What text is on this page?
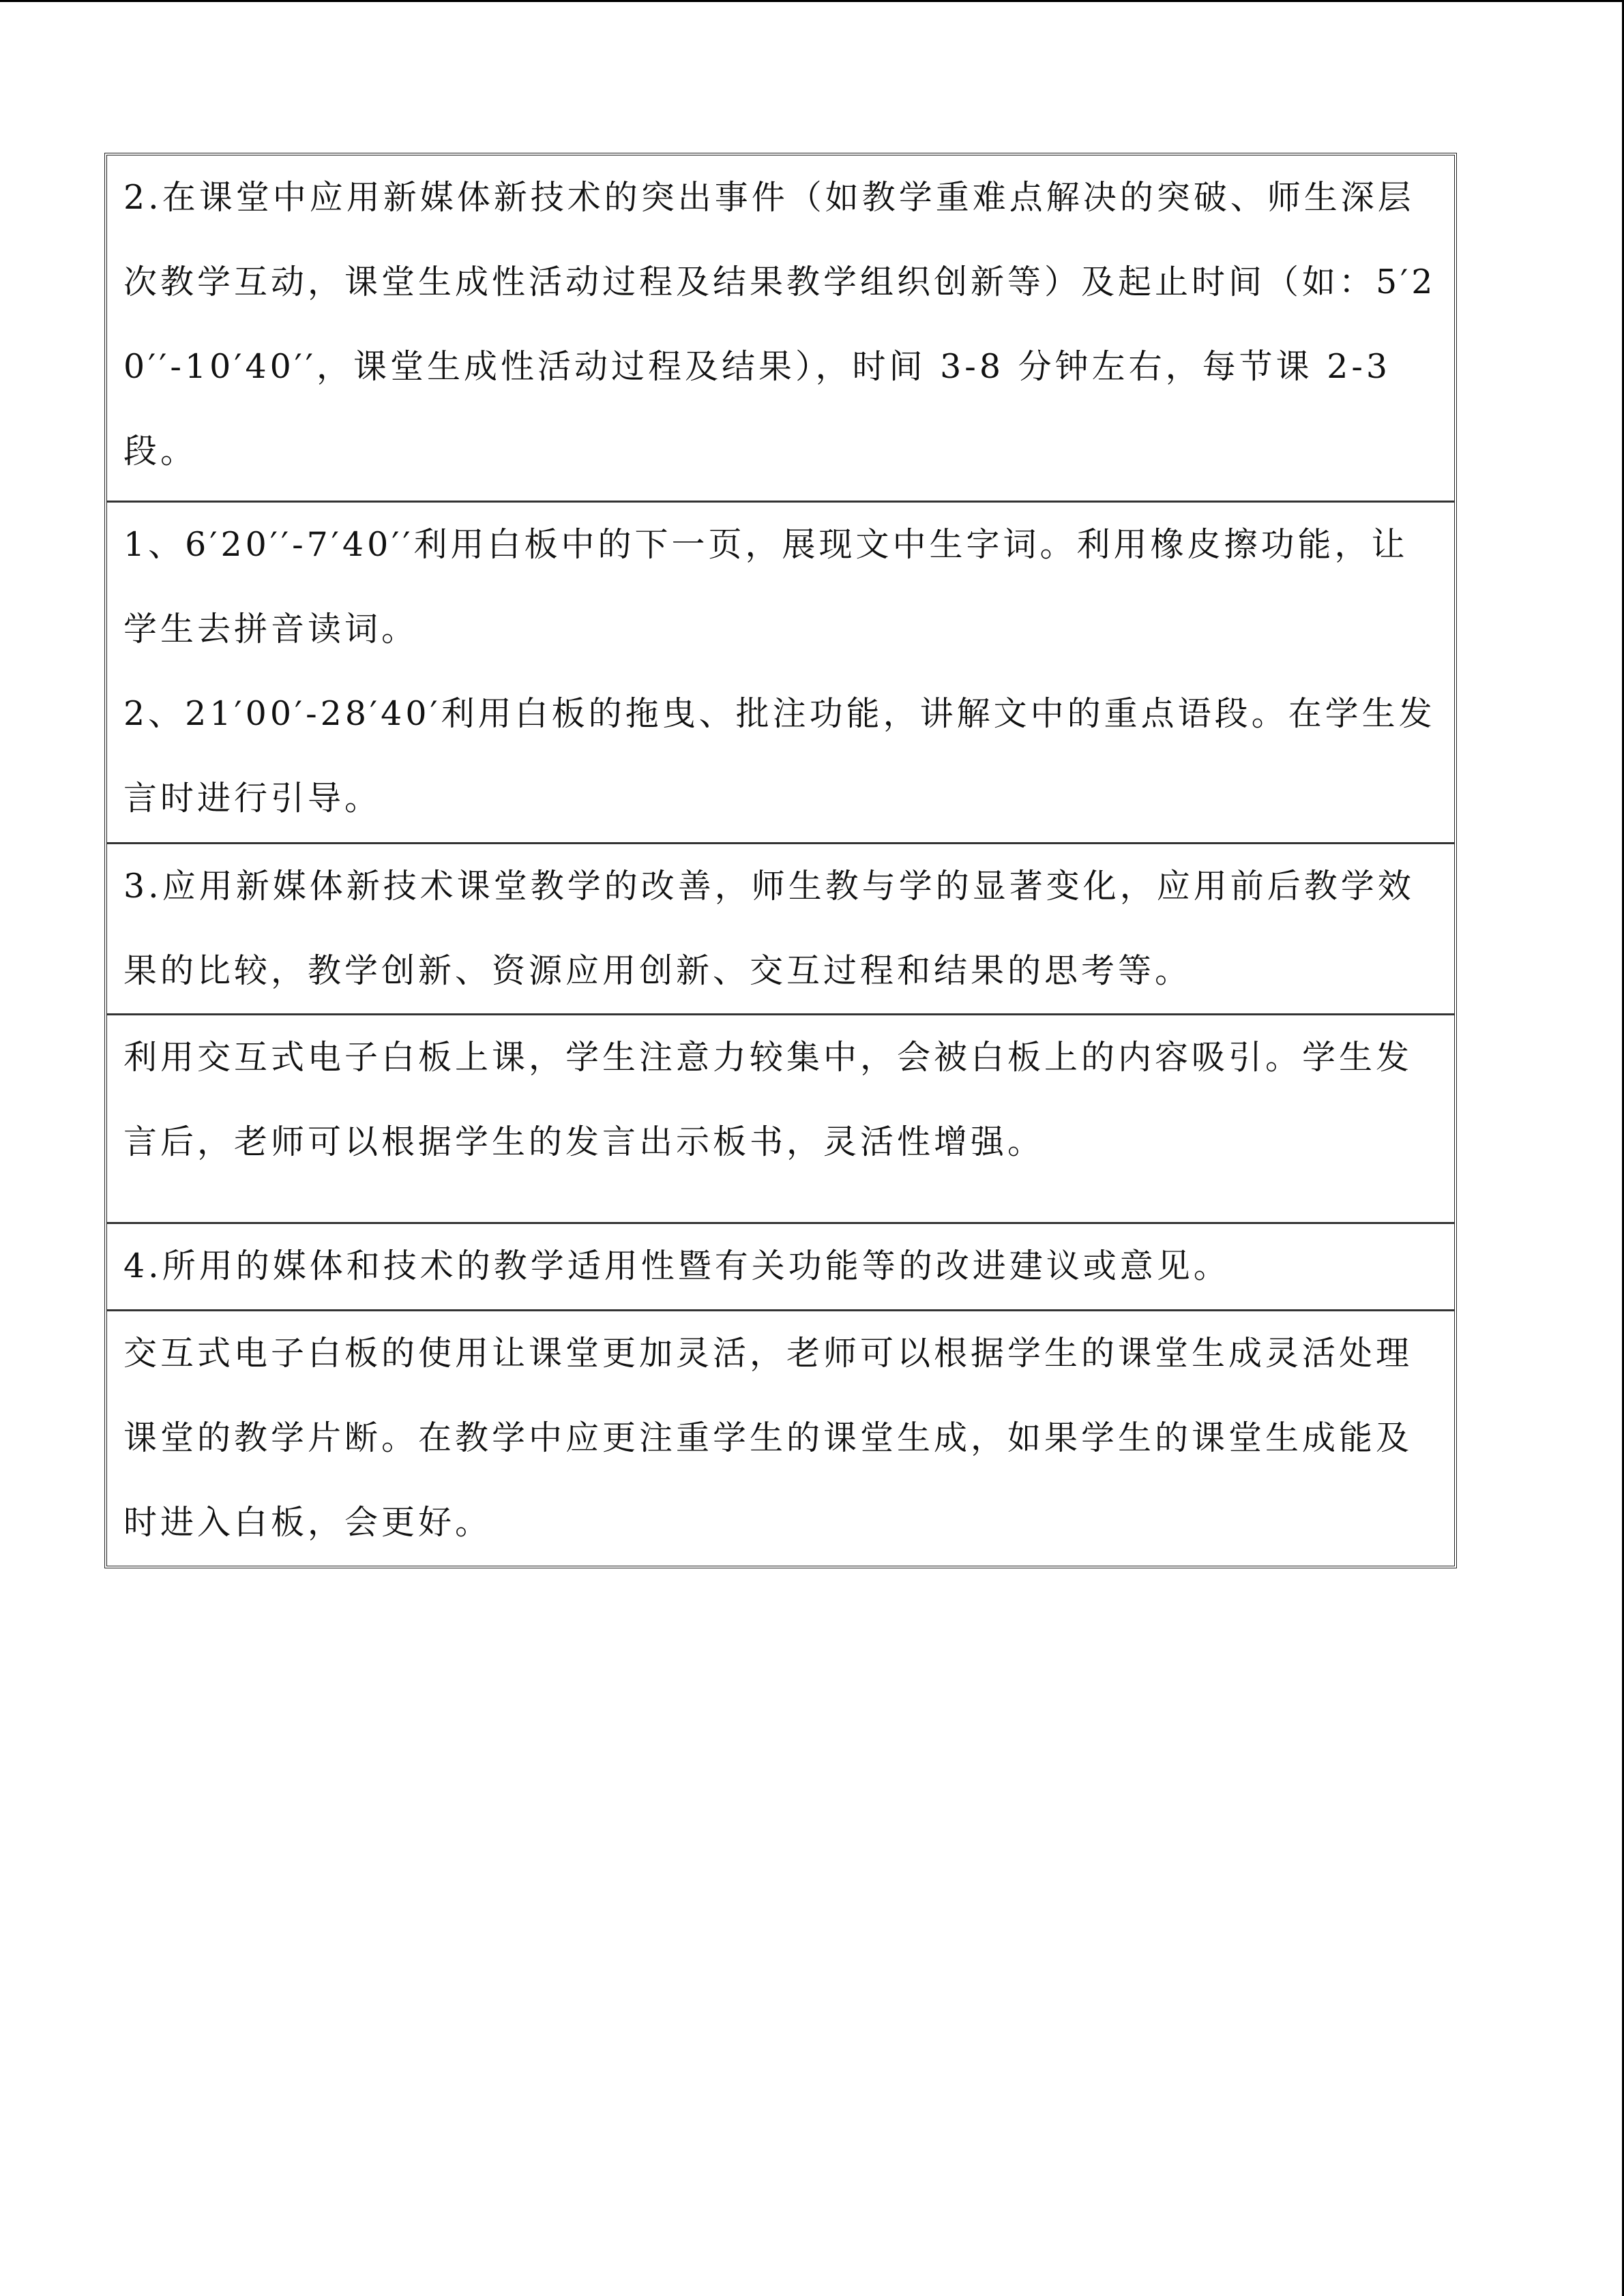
2.在课堂中应用新媒体新技术的突出事件（如教学重难点解决的突破、师生深层次教学互动，课堂生成性活动过程及结果教学组织创新等）及起止时间（如：5′20′′-10′40′′，课堂生成性活动过程及结果），时间 3-8 分钟左右，每节课 2-3 段。

1、6′20′′-7′40′′利用白板中的下一页，展现文中生字词。利用橡皮擦功能，让学生去拼音读词。

2、21′00′-28′40′利用白板的拖曳、批注功能，讲解文中的重点语段。在学生发言时进行引导。

3.应用新媒体新技术课堂教学的改善，师生教与学的显著变化，应用前后教学效果的比较，教学创新、资源应用创新、交互过程和结果的思考等。

利用交互式电子白板上课，学生注意力较集中，会被白板上的内容吸引。学生发言后，老师可以根据学生的发言出示板书，灵活性增强。

4.所用的媒体和技术的教学适用性暨有关功能等的改进建议或意见。

交互式电子白板的使用让课堂更加灵活，老师可以根据学生的课堂生成灵活处理课堂的教学片断。在教学中应更注重学生的课堂生成，如果学生的课堂生成能及时进入白板，会更好。
